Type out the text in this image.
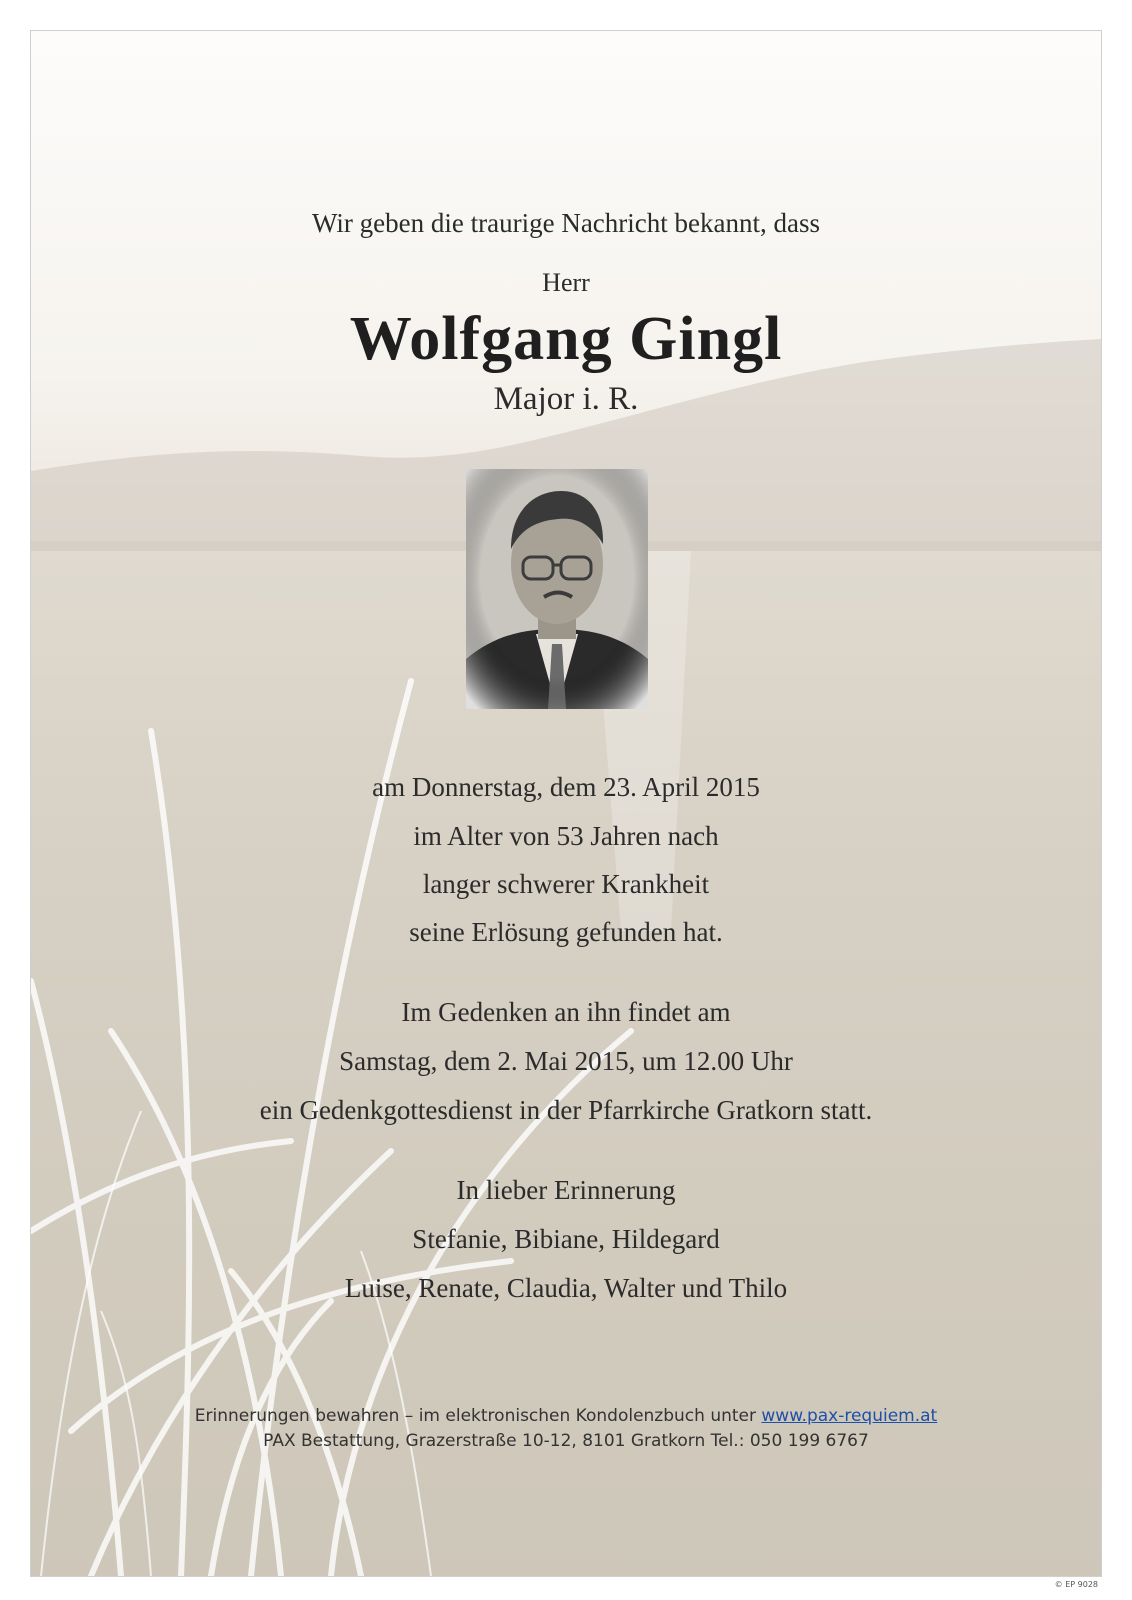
Wir geben die traurige Nachricht bekannt, dass
Herr
Wolfgang Gingl
Major i. R.
am Donnerstag, dem 23. April 2015
im Alter von 53 Jahren nach
langer schwerer Krankheit
seine Erlösung gefunden hat.
Im Gedenken an ihn findet am
Samstag, dem 2. Mai 2015, um 12.00 Uhr
ein Gedenkgottesdienst in der Pfarrkirche Gratkorn statt.
In lieber Erinnerung
Stefanie, Bibiane, Hildegard
Luise, Renate, Claudia, Walter und Thilo
Erinnerungen bewahren – im elektronischen Kondolenzbuch unter www.pax-requiem.at
PAX Bestattung, Grazerstraße 10-12, 8101 Gratkorn Tel.: 050 199 6767
© EP 9028
